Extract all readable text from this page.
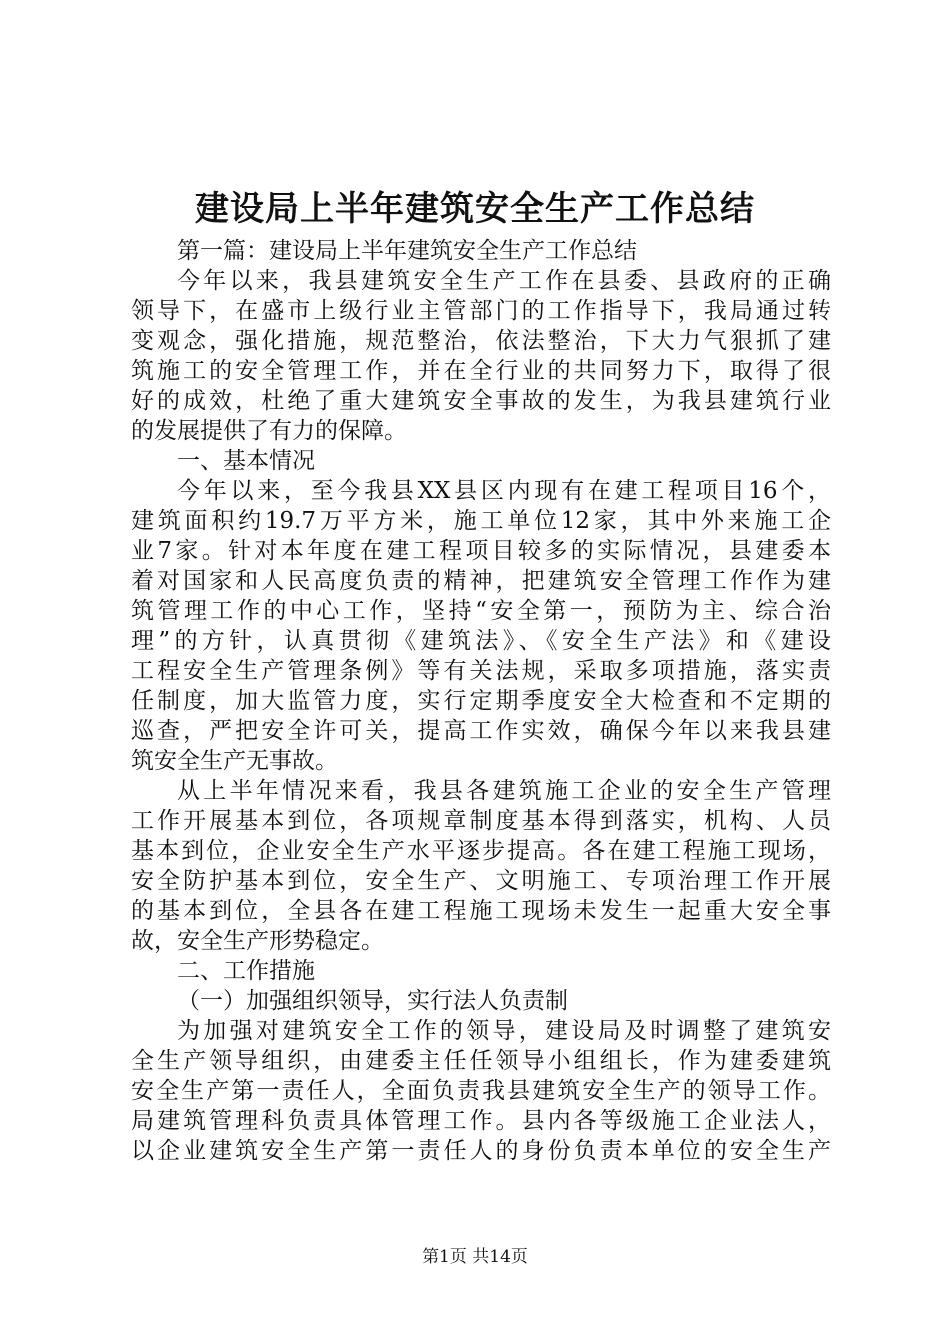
建设局上半年建筑安全生产工作总结
第一篇：建设局上半年建筑安全生产工作总结
今年以来，我县建筑安全生产工作在县委、县政府的正确
领导下，在盛市上级行业主管部门的工作指导下，我局通过转
变观念，强化措施，规范整治，依法整治，下大力气狠抓了建
筑施工的安全管理工作，并在全行业的共同努力下，取得了很
好的成效，杜绝了重大建筑安全事故的发生，为我县建筑行业
的发展提供了有力的保障。
一、基本情况
今年以来，至今我县XX县区内现有在建工程项目16个，
建筑面积约19.7万平方米，施工单位12家，其中外来施工企
业7家。针对本年度在建工程项目较多的实际情况，县建委本
着对国家和人民高度负责的精神，把建筑安全管理工作作为建
筑管理工作的中心工作，坚持“安全第一，预防为主、综合治
理”的方针，认真贯彻《建筑法》、《安全生产法》和《建设
工程安全生产管理条例》等有关法规，采取多项措施，落实责
任制度，加大监管力度，实行定期季度安全大检查和不定期的
巡查，严把安全许可关，提高工作实效，确保今年以来我县建
筑安全生产无事故。
从上半年情况来看，我县各建筑施工企业的安全生产管理
工作开展基本到位，各项规章制度基本得到落实，机构、人员
基本到位，企业安全生产水平逐步提高。各在建工程施工现场，
安全防护基本到位，安全生产、文明施工、专项治理工作开展
的基本到位，全县各在建工程施工现场未发生一起重大安全事
故，安全生产形势稳定。
二、工作措施
（一）加强组织领导，实行法人负责制
为加强对建筑安全工作的领导，建设局及时调整了建筑安
全生产领导组织，由建委主任任领导小组组长，作为建委建筑
安全生产第一责任人，全面负责我县建筑安全生产的领导工作。
局建筑管理科负责具体管理工作。县内各等级施工企业法人，
以企业建筑安全生产第一责任人的身份负责本单位的安全生产
第1页 共14页
